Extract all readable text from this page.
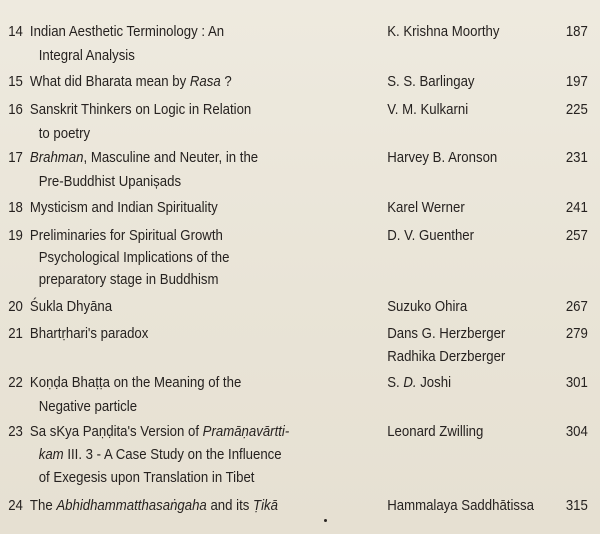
14 Indian Aesthetic Terminology : An	K. Krishna Moorthy	187
Integral Analysis
15 What did Bharata mean by Rasa ?	S. S. Barlingay	197
16 Sanskrit Thinkers on Logic in Relation	V. M. Kulkarni	225
to poetry
17 Brahman, Masculine and Neuter, in the	Harvey B. Aronson	231
Pre-Buddhist Upanișads
18 Mysticism and Indian Spirituality	Karel Werner	241
19 Preliminaries for Spiritual Growth	D. V. Guenther	257
Psychological Implications of the
preparatory stage in Buddhism
20 Śukla Dhyāna	Suzuko Ohira	267
21 Bhartṛhari's paradox	Dans G. Herzberger	279
Radhika Derzberger
22 Koṇḍa Bhaṭṭa on the Meaning of the	S. D. Joshi	301
Negative particle
23 Sa sKya Paṇḍita's Version of Pramāṇavārtti-	Leonard Zwilling	304
kam III. 3 - A Case Study on the Influence
of Exegesis upon Translation in Tibet
24 The Abhidhammatthasaṅgaha and its Ṭikā	Hammalaya Saddhātissa 315
